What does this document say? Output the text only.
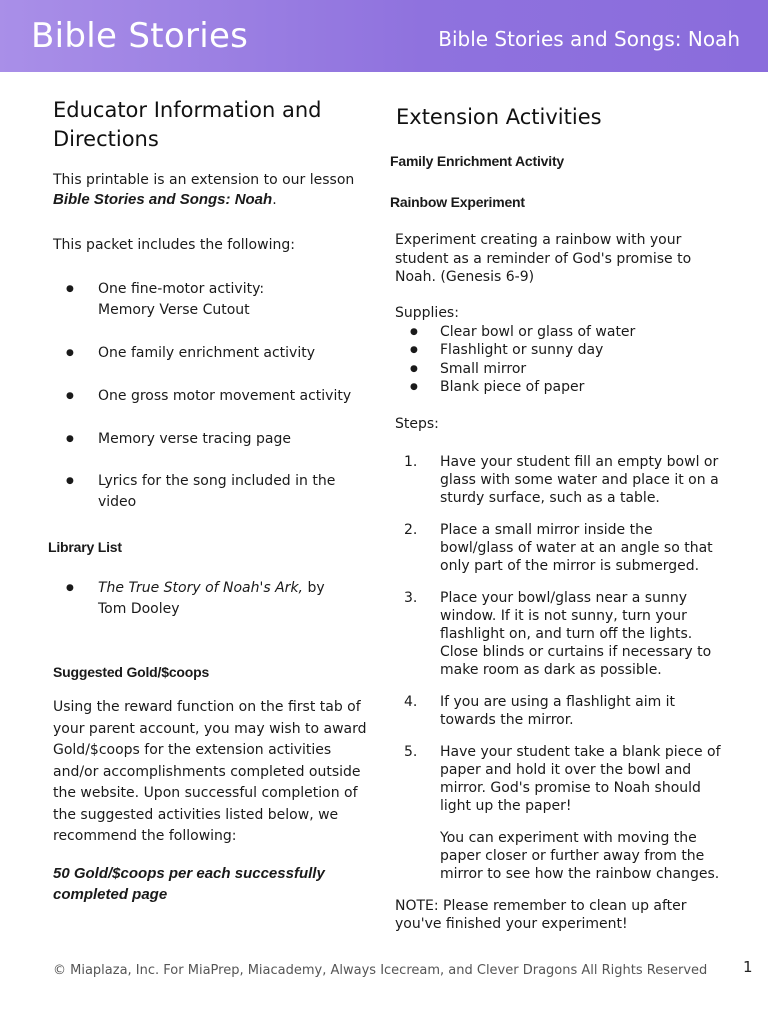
Bible Stories	Bible Stories and Songs: Noah
Educator Information and Directions
This printable is an extension to our lesson
Bible Stories and Songs: Noah.
This packet includes the following:
● One fine-motor activity: Memory Verse Cutout
● One family enrichment activity
● One gross motor movement activity
● Memory verse tracing page
● Lyrics for the song included in the video
Library List
● The True Story of Noah's Ark, by Tom Dooley
Suggested Gold/$coops
Using the reward function on the first tab of your parent account, you may wish to award Gold/$coops for the extension activities and/or accomplishments completed outside the website. Upon successful completion of the suggested activities listed below, we recommend the following:
50 Gold/$coops per each successfully completed page
Extension Activities
Family Enrichment Activity
Rainbow Experiment
Experiment creating a rainbow with your student as a reminder of God's promise to Noah. (Genesis 6-9)
Supplies:
● Clear bowl or glass of water
● Flashlight or sunny day
● Small mirror
● Blank piece of paper
Steps:
1. Have your student fill an empty bowl or glass with some water and place it on a sturdy surface, such as a table.
2. Place a small mirror inside the bowl/glass of water at an angle so that only part of the mirror is submerged.
3. Place your bowl/glass near a sunny window. If it is not sunny, turn your flashlight on, and turn off the lights. Close blinds or curtains if necessary to make room as dark as possible.
4. If you are using a flashlight aim it towards the mirror.
5. Have your student take a blank piece of paper and hold it over the bowl and mirror. God's promise to Noah should light up the paper!
You can experiment with moving the paper closer or further away from the mirror to see how the rainbow changes.
NOTE: Please remember to clean up after you've finished your experiment!
© Miaplaza, Inc. For MiaPrep, Miacademy, Always Icecream, and Clever Dragons All Rights Reserved 1
